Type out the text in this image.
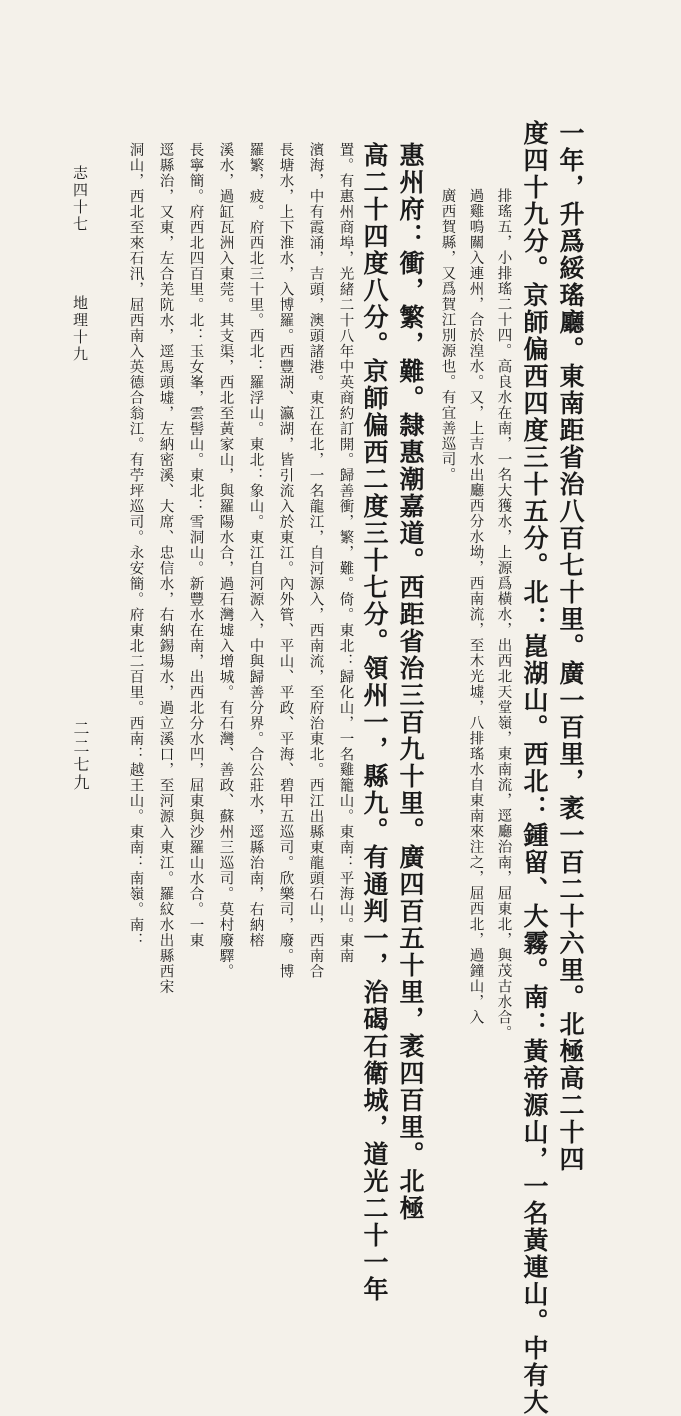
一年，升爲綏瑤廳。東南距省治八百七十里。廣一百里，袤一百二十六里。北極高二十四
度四十九分。京師偏西四度三十五分。北：崑湖山。西北：鍾留、大霧。南：黃帝源山，一名黃連山。中有大
排瑤五，小排瑤二十四。高良水在南，一名大獲水，上源爲橫水，出西北天堂嶺，東南流，逕廳治南，屈東北，與茂古水合。
過雞鳴關入連州，合於湟水。又，上吉水出廳西分水坳，西南流，至木光墟，八排瑤水自東南來注之，屈西北，過鐘山，入
廣西賀縣，又爲賀江別源也。有宜善巡司。
惠州府：衝，繁，難。隸惠潮嘉道。西距省治三百九十里。廣四百五十里，袤四百里。北極
高二十四度八分。京師偏西二度三十七分。領州一，縣九。有通判一，治碣石衛城，道光二十一年
置。有惠州商埠，光緒二十八年中英商約訂開。歸善衝，繁，難。倚。東北：歸化山，一名雞籠山。東南：平海山。東南
濱海，中有霞涌，吉頭，澳頭諸港。東江在北，一名龍江，自河源入，西南流，至府治東北。西江出縣東龍頭石山，西南合
長塘水，上下淮水，入博羅。西豐湖、瀛湖，皆引流入於東江。內外管、平山、平政、平海、碧甲五巡司。欣樂司，廢。博
羅繁，疲。府西北三十里。西北：羅浮山。東北：象山。東江自河源入，中與歸善分界。合公莊水，逕縣治南，右納榕
溪水，過缸瓦洲入東莞。其支渠，西北至黃家山，與羅陽水合，過石灣墟入增城。有石灣、善政、蘇州三巡司。莫村廢驛。
長寧簡。府西北四百里。北：玉女峯，雲髻山。東北：雪洞山。新豐水在南，出西北分水凹，屈東與沙羅山水合。一東
逕縣治，又東，左合羌阬水，逕馬頭墟，左納密溪、大席、忠信水，右納錫場水，過立溪口，至河源入東江。羅紋水出縣西宋
洞山，西北至來石汛，屈西南入英德合翁江。有苧坪巡司。永安簡。府東北二百里。西南：越王山。東南：南嶺。南：
志四十七
地理十九
二二七九
